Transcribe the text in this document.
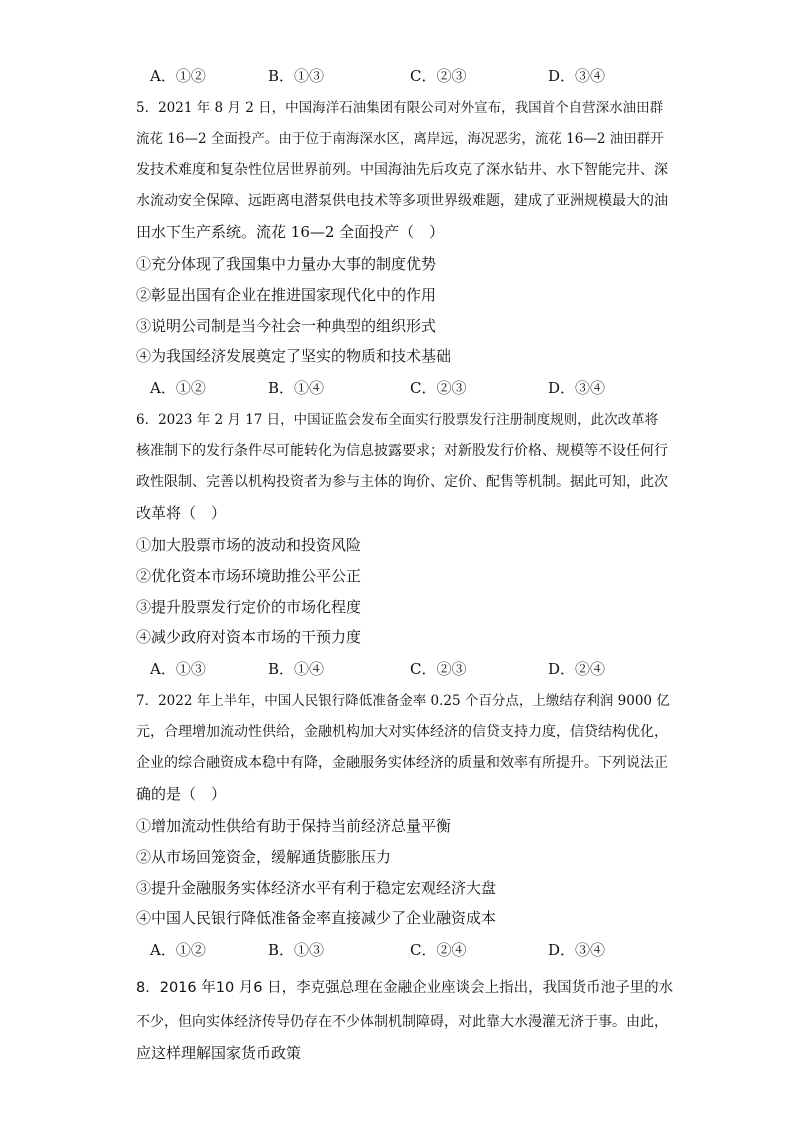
A．①②	B．①③	C．②③	D．③④
5．2021 年 8 月 2 日，中国海洋石油集团有限公司对外宣布，我国首个自营深水油田群
流花 16—2 全面投产。由于位于南海深水区，离岸远，海况恶劣，流花 16—2 油田群开
发技术难度和复杂性位居世界前列。中国海油先后攻克了深水钻井、水下智能完井、深
水流动安全保障、远距离电潜泵供电技术等多项世界级难题，建成了亚洲规模最大的油
田水下生产系统。流花 16—2 全面投产（　）
①充分体现了我国集中力量办大事的制度优势
②彰显出国有企业在推进国家现代化中的作用
③说明公司制是当今社会一种典型的组织形式
④为我国经济发展奠定了坚实的物质和技术基础
A．①②	B．①④	C．②③	D．③④
6．2023 年 2 月 17 日，中国证监会发布全面实行股票发行注册制度规则，此次改革将
核准制下的发行条件尽可能转化为信息披露要求；对新股发行价格、规模等不设任何行
政性限制、完善以机构投资者为参与主体的询价、定价、配售等机制。据此可知，此次
改革将（　）
①加大股票市场的波动和投资风险
②优化资本市场环境助推公平公正
③提升股票发行定价的市场化程度
④减少政府对资本市场的干预力度
A．①③	B．①④	C．②③	D．②④
7．2022 年上半年，中国人民银行降低准备金率 0.25 个百分点，上缴结存利润 9000 亿
元，合理增加流动性供给，金融机构加大对实体经济的信贷支持力度，信贷结构优化，
企业的综合融资成本稳中有降，金融服务实体经济的质量和效率有所提升。下列说法正
确的是（　）
①增加流动性供给有助于保持当前经济总量平衡
②从市场回笼资金，缓解通货膨胀压力
③提升金融服务实体经济水平有利于稳定宏观经济大盘
④中国人民银行降低准备金率直接减少了企业融资成本
A．①②	B．①③	C．②④	D．③④
8．2016 年10 月6 日，李克强总理在金融企业座谈会上指出，我国货币池子里的水
不少，但向实体经济传导仍存在不少体制机制障碍，对此靠大水漫灌无济于事。由此，
应这样理解国家货币政策
